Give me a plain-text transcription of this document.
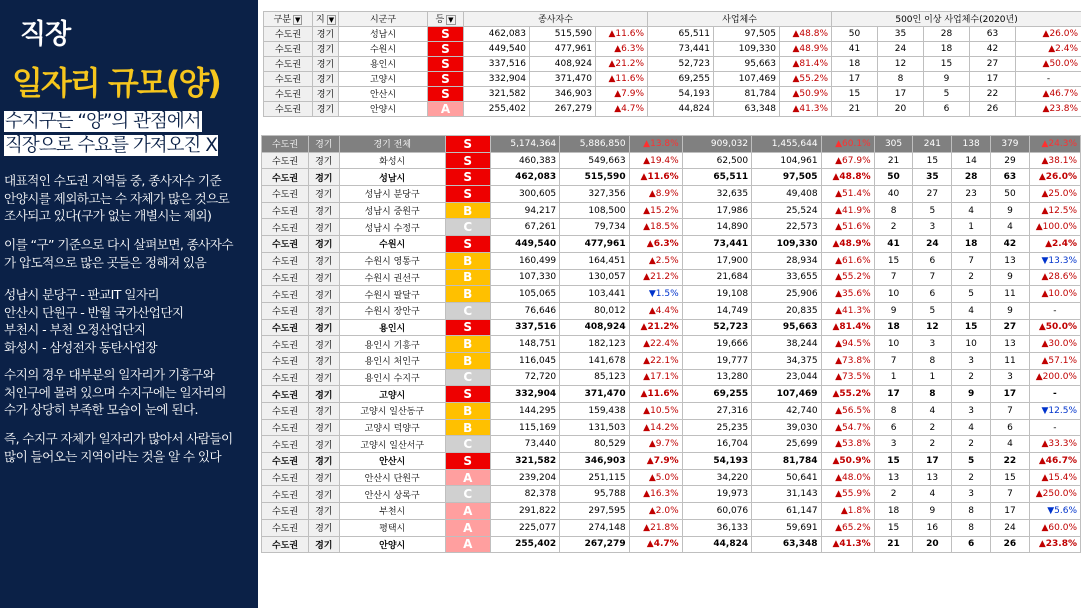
직장
일자리 규모(양)
수지구는 “양”의 관점에서
직장으로 수요를 가져오진 X
대표적인 수도권 지역들 중, 종사자수 기준
안양시를 제외하고는 수 자체가 많은 것으로
조사되고 있다(구가 없는 개별시는 제외)
이를 “구” 기준으로 다시 살펴보면, 종사자수
가 압도적으로 많은 곳들은 정해져 있음
성남시 분당구 - 판교IT 일자리
안산시 단원구 - 반월 국가산업단지
부천시 - 부천 오정산업단지
화성시 - 삼성전자 동탄사업장
수지의 경우 대부분의 일자리가 기흥구와
처인구에 몰려 있으며 수지구에는 일자리의
수가 상당히 부족한 모습이 눈에 된다.
즉, 수지구 자체가 일자리가 많아서 사람들이
많이 들어오는 지역이라는 것을 알 수 있다
구분 ▼	지 ▼	시군구	등 ▼	종사자수			사업체수			500인 이상 사업체수(2020년)				
수도권	경기	성남시	S	462,083	515,590	▲11.6%	65,511	97,505	▲48.8%	50	35	28	63	▲26.0%
수도권	경기	수원시	S	449,540	477,961	▲6.3%	73,441	109,330	▲48.9%	41	24	18	42	▲2.4%
수도권	경기	용인시	S	337,516	408,924	▲21.2%	52,723	95,663	▲81.4%	18	12	15	27	▲50.0%
수도권	경기	고양시	S	332,904	371,470	▲11.6%	69,255	107,469	▲55.2%	17	8	9	17	-
수도권	경기	안산시	S	321,582	346,903	▲7.9%	54,193	81,784	▲50.9%	15	17	5	22	▲46.7%
수도권	경기	안양시	A	255,402	267,279	▲4.7%	44,824	63,348	▲41.3%	21	20	6	26	▲23.8%
수도권	경기	경기 전체	S	5,174,364	5,886,850	▲13.8%	909,032	1,455,644	▲60.1%	305	241	138	379	▲24.3%
수도권	경기	화성시	S	460,383	549,663	▲19.4%	62,500	104,961	▲67.9%	21	15	14	29	▲38.1%
수도권	경기	성남시	S	462,083	515,590	▲11.6%	65,511	97,505	▲48.8%	50	35	28	63	▲26.0%
수도권	경기	성남시 분당구	S	300,605	327,356	▲8.9%	32,635	49,408	▲51.4%	40	27	23	50	▲25.0%
수도권	경기	성남시 중원구	B	94,217	108,500	▲15.2%	17,986	25,524	▲41.9%	8	5	4	9	▲12.5%
수도권	경기	성남시 수정구	C	67,261	79,734	▲18.5%	14,890	22,573	▲51.6%	2	3	1	4	▲100.0%
수도권	경기	수원시	S	449,540	477,961	▲6.3%	73,441	109,330	▲48.9%	41	24	18	42	▲2.4%
수도권	경기	수원시 영통구	B	160,499	164,451	▲2.5%	17,900	28,934	▲61.6%	15	6	7	13	▼13.3%
수도권	경기	수원시 권선구	B	107,330	130,057	▲21.2%	21,684	33,655	▲55.2%	7	7	2	9	▲28.6%
수도권	경기	수원시 팔달구	B	105,065	103,441	▼1.5%	19,108	25,906	▲35.6%	10	6	5	11	▲10.0%
수도권	경기	수원시 장안구	C	76,646	80,012	▲4.4%	14,749	20,835	▲41.3%	9	5	4	9	-
수도권	경기	용인시	S	337,516	408,924	▲21.2%	52,723	95,663	▲81.4%	18	12	15	27	▲50.0%
수도권	경기	용인시 기흥구	B	148,751	182,123	▲22.4%	19,666	38,244	▲94.5%	10	3	10	13	▲30.0%
수도권	경기	용인시 처인구	B	116,045	141,678	▲22.1%	19,777	34,375	▲73.8%	7	8	3	11	▲57.1%
수도권	경기	용인시 수지구	C	72,720	85,123	▲17.1%	13,280	23,044	▲73.5%	1	1	2	3	▲200.0%
수도권	경기	고양시	S	332,904	371,470	▲11.6%	69,255	107,469	▲55.2%	17	8	9	17	-
수도권	경기	고양시 일산동구	B	144,295	159,438	▲10.5%	27,316	42,740	▲56.5%	8	4	3	7	▼12.5%
수도권	경기	고양시 덕양구	B	115,169	131,503	▲14.2%	25,235	39,030	▲54.7%	6	2	4	6	-
수도권	경기	고양시 일산서구	C	73,440	80,529	▲9.7%	16,704	25,699	▲53.8%	3	2	2	4	▲33.3%
수도권	경기	안산시	S	321,582	346,903	▲7.9%	54,193	81,784	▲50.9%	15	17	5	22	▲46.7%
수도권	경기	안산시 단원구	A	239,204	251,115	▲5.0%	34,220	50,641	▲48.0%	13	13	2	15	▲15.4%
수도권	경기	안산시 상록구	C	82,378	95,788	▲16.3%	19,973	31,143	▲55.9%	2	4	3	7	▲250.0%
수도권	경기	부천시	A	291,822	297,595	▲2.0%	60,076	61,147	▲1.8%	18	9	8	17	▼5.6%
수도권	경기	평택시	A	225,077	274,148	▲21.8%	36,133	59,691	▲65.2%	15	16	8	24	▲60.0%
수도권	경기	안양시	A	255,402	267,279	▲4.7%	44,824	63,348	▲41.3%	21	20	6	26	▲23.8%
